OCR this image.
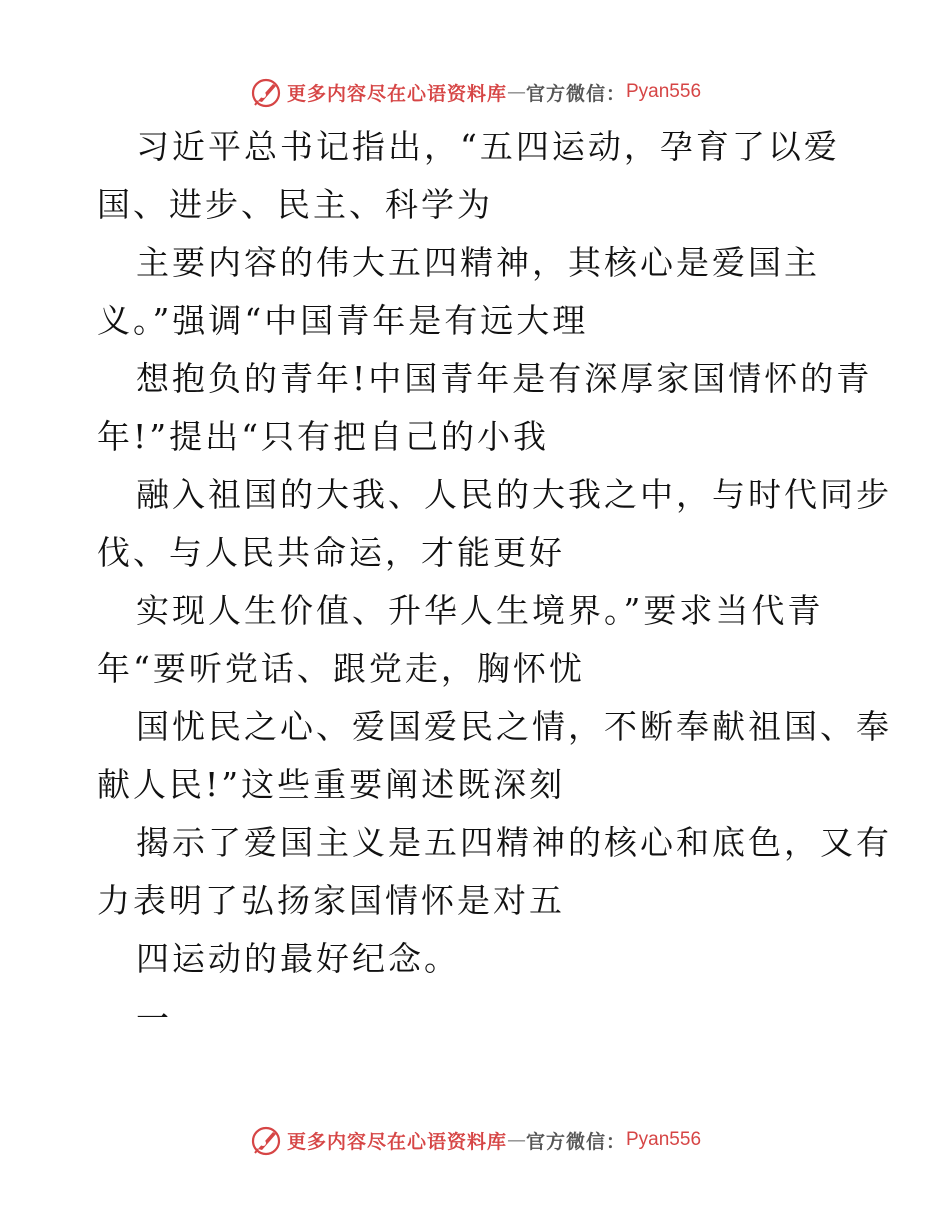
更多内容尽在心语资料库 — 官方微信： Pyan556
习近平总书记指出，“五四运动，孕育了以爱
国、进步、民主、科学为
主要内容的伟大五四精神，其核心是爱国主
义。”强调“中国青年是有远大理
想抱负的青年!中国青年是有深厚家国情怀的青
年!”提出“只有把自己的小我
融入祖国的大我、人民的大我之中，与时代同步
伐、与人民共命运，才能更好
实现人生价值、升华人生境界。”要求当代青
年“要听党话、跟党走，胸怀忧
国忧民之心、爱国爱民之情，不断奉献祖国、奉
献人民!”这些重要阐述既深刻
揭示了爱国主义是五四精神的核心和底色，又有
力表明了弘扬家国情怀是对五
四运动的最好纪念。
一
更多内容尽在心语资料库 — 官方微信： Pyan556
